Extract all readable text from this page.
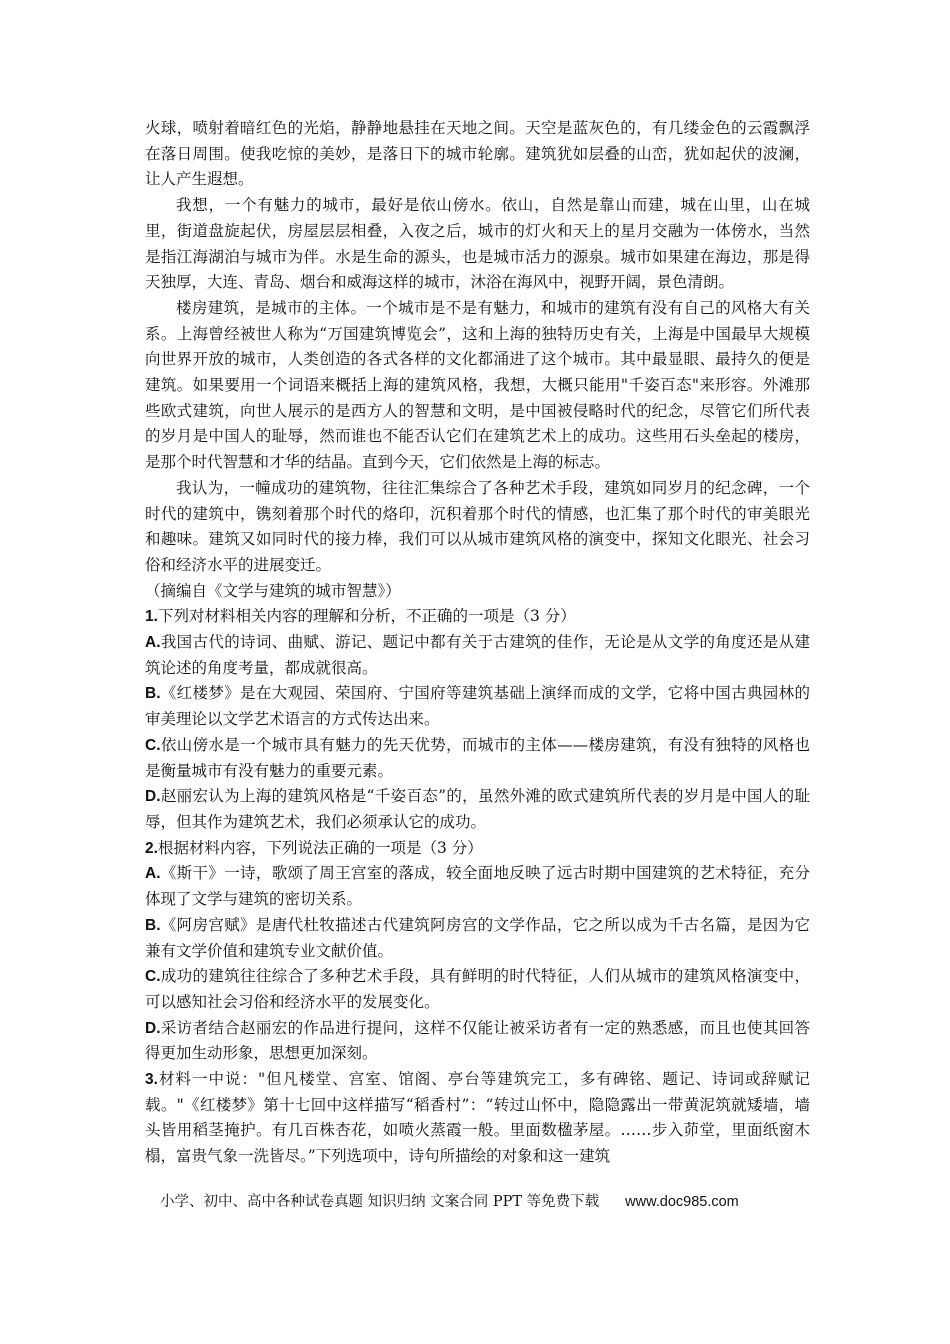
火球，喷射着暗红色的光焰，静静地悬挂在天地之间。天空是蓝灰色的，有几缕金色的云霞飘浮在落日周围。使我吃惊的美妙，是落日下的城市轮廓。建筑犹如层叠的山峦，犹如起伏的波澜，让人产生遐想。

我想，一个有魅力的城市，最好是依山傍水。依山，自然是靠山而建，城在山里，山在城里，街道盘旋起伏，房屋层层相叠，入夜之后，城市的灯火和天上的星月交融为一体傍水，当然是指江海湖泊与城市为伴。水是生命的源头，也是城市活力的源泉。城市如果建在海边，那是得天独厚，大连、青岛、烟台和威海这样的城市，沐浴在海风中，视野开阔，景色清朗。

楼房建筑，是城市的主体。一个城市是不是有魅力，和城市的建筑有没有自己的风格大有关系。上海曾经被世人称为“万国建筑博览会”，这和上海的独特历史有关，上海是中国最早大规模向世界开放的城市，人类创造的各式各样的文化都涌进了这个城市。其中最显眼、最持久的便是建筑。如果要用一个词语来概括上海的建筑风格，我想，大概只能用"千姿百态"来形容。外滩那些欧式建筑，向世人展示的是西方人的智慧和文明，是中国被侵略时代的纪念，尽管它们所代表的岁月是中国人的耻辱，然而谁也不能否认它们在建筑艺术上的成功。这些用石头垒起的楼房，是那个时代智慧和才华的结晶。直到今天，它们依然是上海的标志。

我认为，一幢成功的建筑物，往往汇集综合了各种艺术手段，建筑如同岁月的纪念碑，一个时代的建筑中，镌刻着那个时代的烙印，沉积着那个时代的情感，也汇集了那个时代的审美眼光和趣味。建筑又如同时代的接力棒，我们可以从城市建筑风格的演变中，探知文化眼光、社会习俗和经济水平的进展变迁。

（摘编自《文学与建筑的城市智慧》）

1.下列对材料相关内容的理解和分析，不正确的一项是（3 分）

A.我国古代的诗词、曲赋、游记、题记中都有关于古建筑的佳作，无论是从文学的角度还是从建筑论述的角度考量，都成就很高。

B.《红楼梦》是在大观园、荣国府、宁国府等建筑基础上演绎而成的文学，它将中国古典园林的审美理论以文学艺术语言的方式传达出来。

C.依山傍水是一个城市具有魅力的先天优势，而城市的主体——楼房建筑，有没有独特的风格也是衡量城市有没有魅力的重要元素。

D.赵丽宏认为上海的建筑风格是“千姿百态”的，虽然外滩的欧式建筑所代表的岁月是中国人的耻辱，但其作为建筑艺术，我们必须承认它的成功。

2.根据材料内容，下列说法正确的一项是（3 分）

A.《斯干》一诗，歌颂了周王宫室的落成，较全面地反映了远古时期中国建筑的艺术特征，充分体现了文学与建筑的密切关系。

B.《阿房宫赋》是唐代杜牧描述古代建筑阿房宫的文学作品，它之所以成为千古名篇，是因为它兼有文学价值和建筑专业文献价值。

C.成功的建筑往往综合了多种艺术手段，具有鲜明的时代特征，人们从城市的建筑风格演变中，可以感知社会习俗和经济水平的发展变化。

D.采访者结合赵丽宏的作品进行提问，这样不仅能让被采访者有一定的熟悉感，而且也使其回答得更加生动形象，思想更加深刻。

3.材料一中说："但凡楼堂、宫室、馆阁、亭台等建筑完工，多有碑铭、题记、诗词或辞赋记载。"《红楼梦》第十七回中这样描写“稻香村”：“转过山怀中，隐隐露出一带黄泥筑就矮墙，墙头皆用稻茎掩护。有几百株杏花，如喷火蒸霞一般。里面数楹茅屋。……步入茆堂，里面纸窗木榻，富贵气象一洗皆尽。”下列选项中，诗句所描绘的对象和这一建筑

小学、初中、高中各种试卷真题 知识归纳 文案合同 PPT 等免费下载 www.doc985.com
